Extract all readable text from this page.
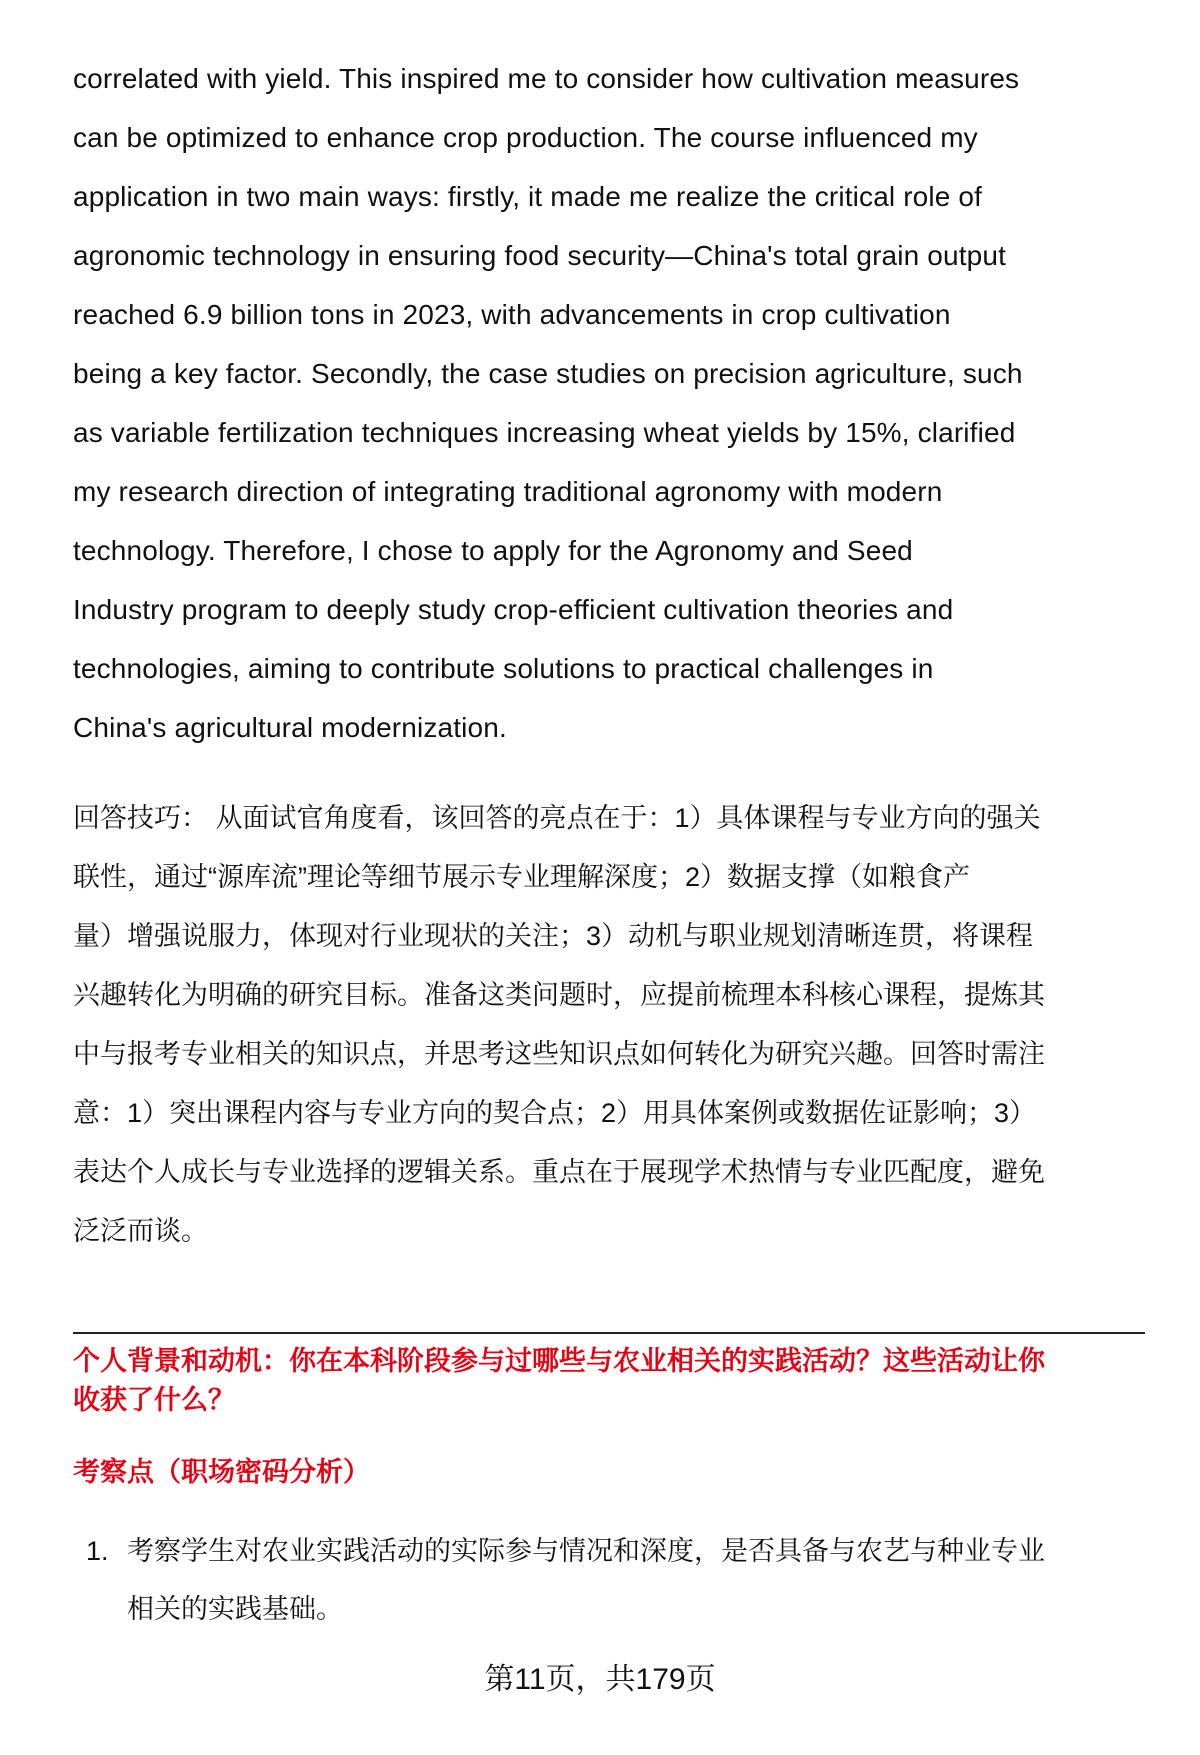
correlated with yield. This inspired me to consider how cultivation measures
can be optimized to enhance crop production. The course influenced my
application in two main ways: firstly, it made me realize the critical role of
agronomic technology in ensuring food security—China's total grain output
reached 6.9 billion tons in 2023, with advancements in crop cultivation
being a key factor. Secondly, the case studies on precision agriculture, such
as variable fertilization techniques increasing wheat yields by 15%, clarified
my research direction of integrating traditional agronomy with modern
technology. Therefore, I chose to apply for the Agronomy and Seed
Industry program to deeply study crop-efficient cultivation theories and
technologies, aiming to contribute solutions to practical challenges in
China's agricultural modernization.
回答技巧： 从面试官角度看，该回答的亮点在于：1）具体课程与专业方向的强关
联性，通过“源库流”理论等细节展示专业理解深度；2）数据支撑（如粮食产
量）增强说服力，体现对行业现状的关注；3）动机与职业规划清晰连贯，将课程
兴趣转化为明确的研究目标。准备这类问题时，应提前梳理本科核心课程，提炼其
中与报考专业相关的知识点，并思考这些知识点如何转化为研究兴趣。回答时需注
意：1）突出课程内容与专业方向的契合点；2）用具体案例或数据佐证影响；3）
表达个人成长与专业选择的逻辑关系。重点在于展现学术热情与专业匹配度，避免
泛泛而谈。
个人背景和动机：你在本科阶段参与过哪些与农业相关的实践活动？这些活动让你
收获了什么？
考察点（职场密码分析）
1. 考察学生对农业实践活动的实际参与情况和深度，是否具备与农艺与种业专业
相关的实践基础。
第11页，共179页
